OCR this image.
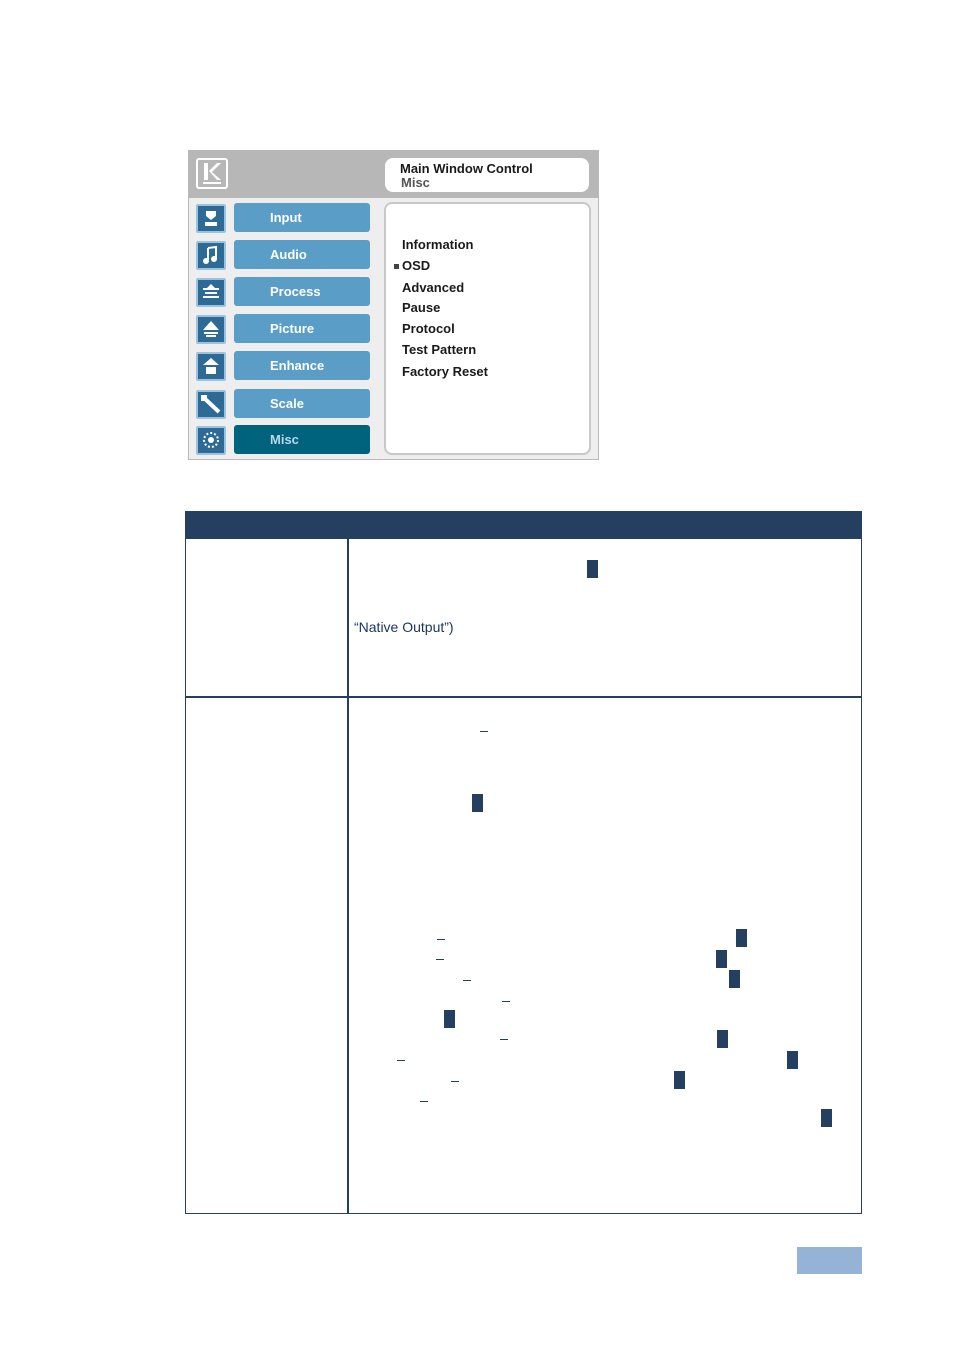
Main Window Control
Misc
Input
Audio
Process
Picture
Enhance
Scale
Misc
Information
OSD
Advanced
Pause
Protocol
Test Pattern
Factory Reset
“Native Output”)
